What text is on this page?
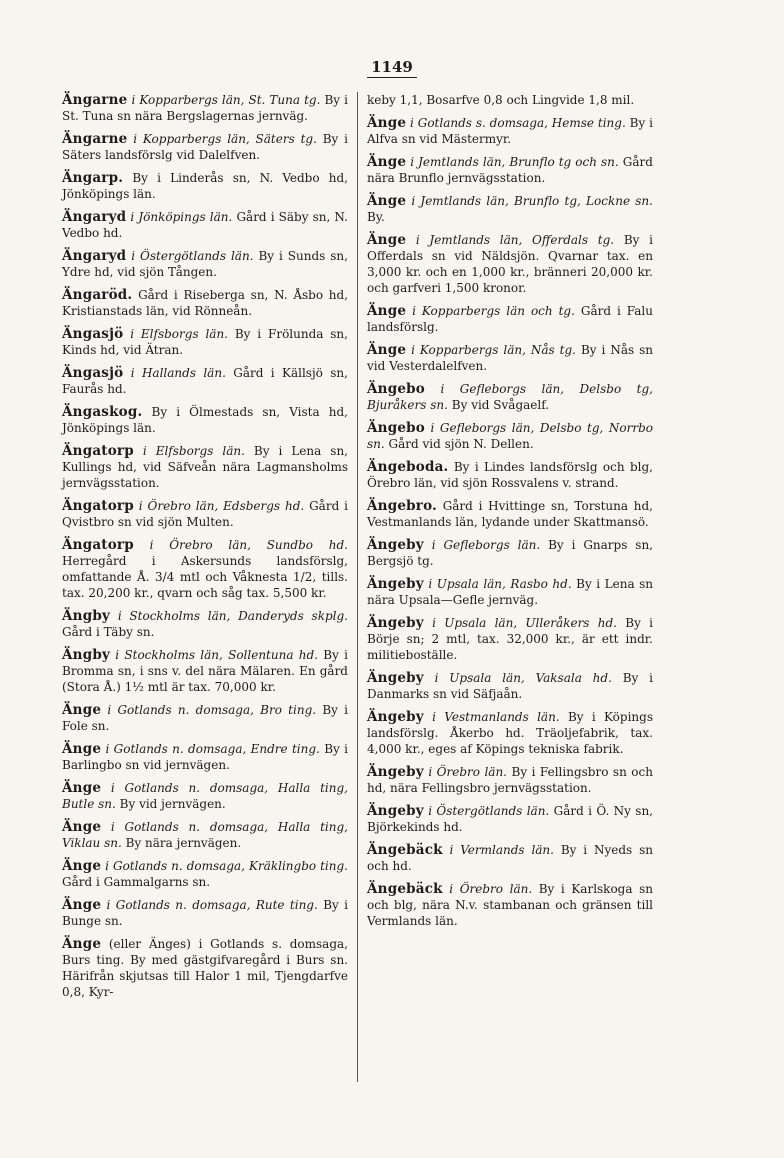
1149
Ängarne i Kopparbergs län, St. Tuna tg. By i St. Tuna sn nära Bergslagernas jernväg.
Ängarne i Kopparbergs län, Säters tg. By i Säters landsförslg vid Dalelfven.
Ängarp. By i Linderås sn, N. Vedbo hd, Jönköpings län.
Ängaryd i Jönköpings län. Gård i Säby sn, N. Vedbo hd.
Ängaryd i Östergötlands län. By i Sunds sn, Ydre hd, vid sjön Tången.
Ängaröd. Gård i Riseberga sn, N. Åsbo hd, Kristianstads län, vid Rönneån.
Ängasjö i Elfsborgs län. By i Frölunda sn, Kinds hd, vid Ätran.
Ängasjö i Hallands län. Gård i Källsjö sn, Faurås hd.
Ängaskog. By i Ölmestads sn, Vista hd, Jönköpings län.
Ängatorp i Elfsborgs län. By i Lena sn, Kullings hd, vid Säfveån nära Lagmansholms jernvägsstation.
Ängatorp i Örebro län, Edsbergs hd. Gård i Qvistbro sn vid sjön Multen.
Ängatorp i Örebro län, Sundbo hd. Herregård i Askersunds landsförslg, omfattande Å. 3/4 mtl och Våknesta 1/2, tills. tax. 20,200 kr., qvarn och såg tax. 5,500 kr.
Ängby i Stockholms län, Danderyds skplg. Gård i Täby sn.
Ängby i Stockholms län, Sollentuna hd. By i Bromma sn, i sns v. del nära Mälaren. En gård (Stora Å.) 1½ mtl är tax. 70,000 kr.
Änge i Gotlands n. domsaga, Bro ting. By i Fole sn.
Änge i Gotlands n. domsaga, Endre ting. By i Barlingbo sn vid jernvägen.
Änge i Gotlands n. domsaga, Halla ting, Butle sn. By vid jernvägen.
Änge i Gotlands n. domsaga, Halla ting, Viklau sn. By nära jernvägen.
Änge i Gotlands n. domsaga, Kräklingbo ting. Gård i Gammalgarns sn.
Änge i Gotlands n. domsaga, Rute ting. By i Bunge sn.
Änge (eller Änges) i Gotlands s. domsaga, Burs ting. By med gästgifvaregård i Burs sn. Härifrån skjutsas till Halor 1 mil, Tjengdarfve 0,8, Kyr-
keby 1,1, Bosarfve 0,8 och Lingvide 1,8 mil.
Änge i Gotlands s. domsaga, Hemse ting. By i Alfva sn vid Mästermyr.
Änge i Jemtlands län, Brunflo tg och sn. Gård nära Brunflo jernvägsstation.
Änge i Jemtlands län, Brunflo tg, Lockne sn. By.
Änge i Jemtlands län, Offerdals tg. By i Offerdals sn vid Näldsjön. Qvarnar tax. en 3,000 kr. och en 1,000 kr., bränneri 20,000 kr. och garfveri 1,500 kronor.
Änge i Kopparbergs län och tg. Gård i Falu landsförslg.
Änge i Kopparbergs län, Nås tg. By i Nås sn vid Vesterdalelfven.
Ängebo i Gefleborgs län, Delsbo tg, Bjuråkers sn. By vid Svågaelf.
Ängebo i Gefleborgs län, Delsbo tg, Norrbo sn. Gård vid sjön N. Dellen.
Ängeboda. By i Lindes landsförslg och blg, Örebro län, vid sjön Rossvalens v. strand.
Ängebro. Gård i Hvittinge sn, Torstuna hd, Vestmanlands län, lydande under Skattmansö.
Ängeby i Gefleborgs län. By i Gnarps sn, Bergsjö tg.
Ängeby i Upsala län, Rasbo hd. By i Lena sn nära Upsala—Gefle jernväg.
Ängeby i Upsala län, Ulleråkers hd. By i Börje sn; 2 mtl, tax. 32,000 kr., är ett indr. militieboställe.
Ängeby i Upsala län, Vaksala hd. By i Danmarks sn vid Säfjaån.
Ängeby i Vestmanlands län. By i Köpings landsförslg. Åkerbo hd. Träoljefabrik, tax. 4,000 kr., eges af Köpings tekniska fabrik.
Ängeby i Örebro län. By i Fellingsbro sn och hd, nära Fellingsbro jernvägsstation.
Ängeby i Östergötlands län. Gård i Ö. Ny sn, Björkekinds hd.
Ängebäck i Vermlands län. By i Nyeds sn och hd.
Ängebäck i Örebro län. By i Karlskoga sn och blg, nära N.v. stambanan och gränsen till Vermlands län.
